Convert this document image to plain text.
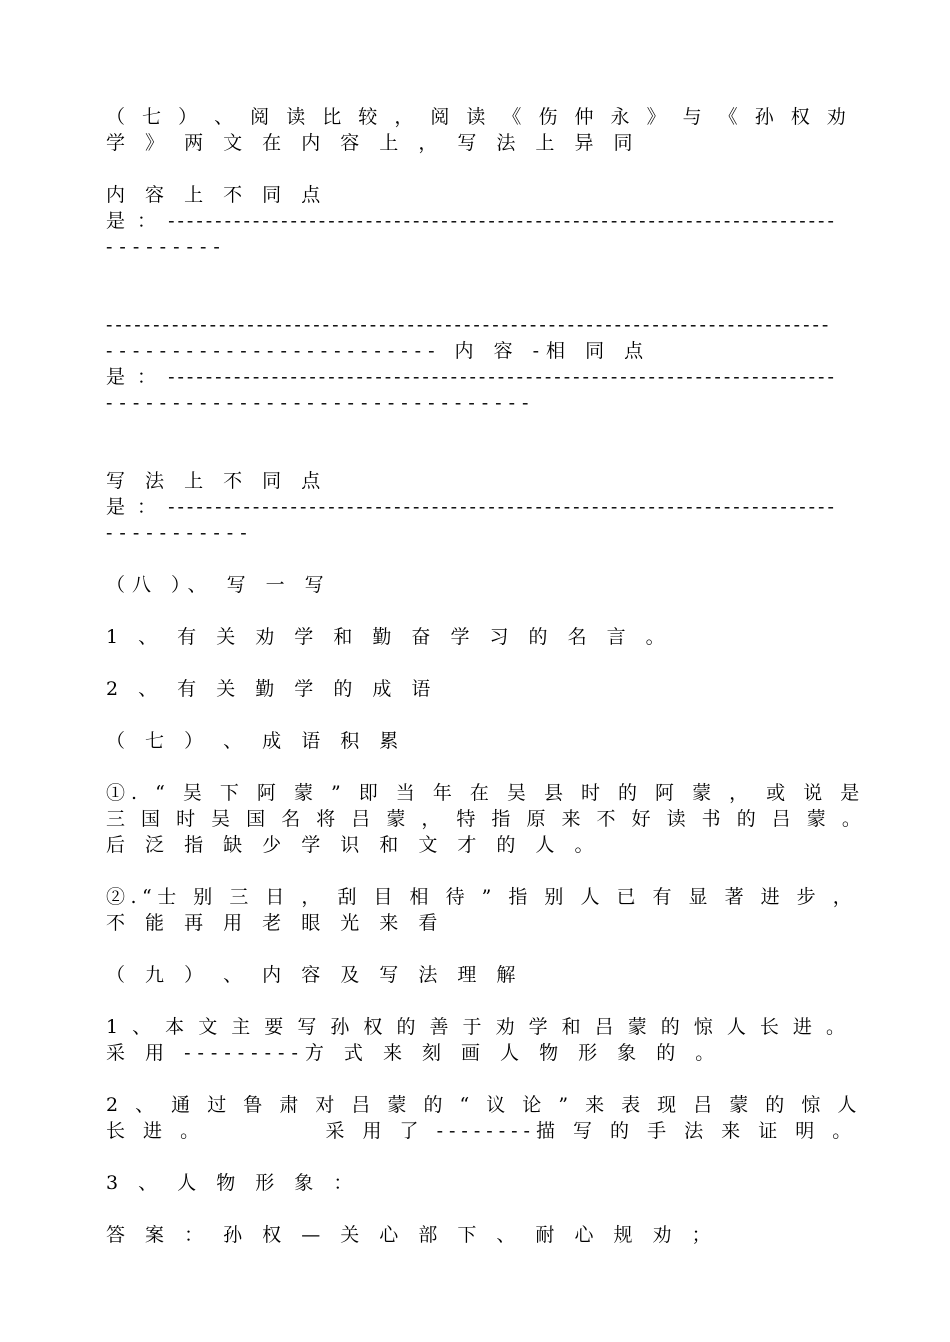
（ 七 ） 、 阅 读 比 较 ， 阅 读 《 伤 仲 永 》 与 《 孙 权 劝

学 》 两 文 在 内 容 上 ， 写 法 上 异 同

内 容 上 不 同 点

是 ： -----------------------------------------------------------------------

---------

-----------------------------------------------------------------------------

------------------------- 内 容 -相 同 点

是 ： -----------------------------------------------------------------------

--------------------------------

写 法 上 不 同 点

是 ： -----------------------------------------------------------------------

-----------

（八 ）、 写 一 写

1 、 有 关 劝 学 和 勤 奋 学 习 的 名 言 。

2 、 有 关 勤 学 的 成 语

（ 七 ） 、 成 语 积 累

①. “ 吴 下 阿 蒙 ” 即 当 年 在 吴 县 时 的 阿 蒙 ， 或 说 是

三 国 时 吴 国 名 将 吕 蒙 ， 特 指 原 来 不 好 读 书 的 吕 蒙 。

后 泛 指 缺 少 学 识 和 文 才 的 人 。

②.“士 别 三 日 ， 刮 目 相 待 ” 指 别 人 已 有 显 著 进 步 ，

不 能 再 用 老 眼 光 来 看

（ 九 ） 、 内 容 及 写 法 理 解

1 、 本 文 主 要 写 孙 权 的 善 于 劝 学 和 吕 蒙 的 惊 人 长 进 。

采 用 ---------方 式 来 刻 画 人 物 形 象 的 。

2 、 通 过 鲁 肃 对 吕 蒙 的 “ 议 论 ” 来 表 现 吕 蒙 的 惊 人

长 进 。          采 用 了 --------描 写 的 手 法 来 证 明 。

3 、 人 物 形 象 ：

答 案 ： 孙 权 — 关 心 部 下 、 耐 心 规 劝 ；
